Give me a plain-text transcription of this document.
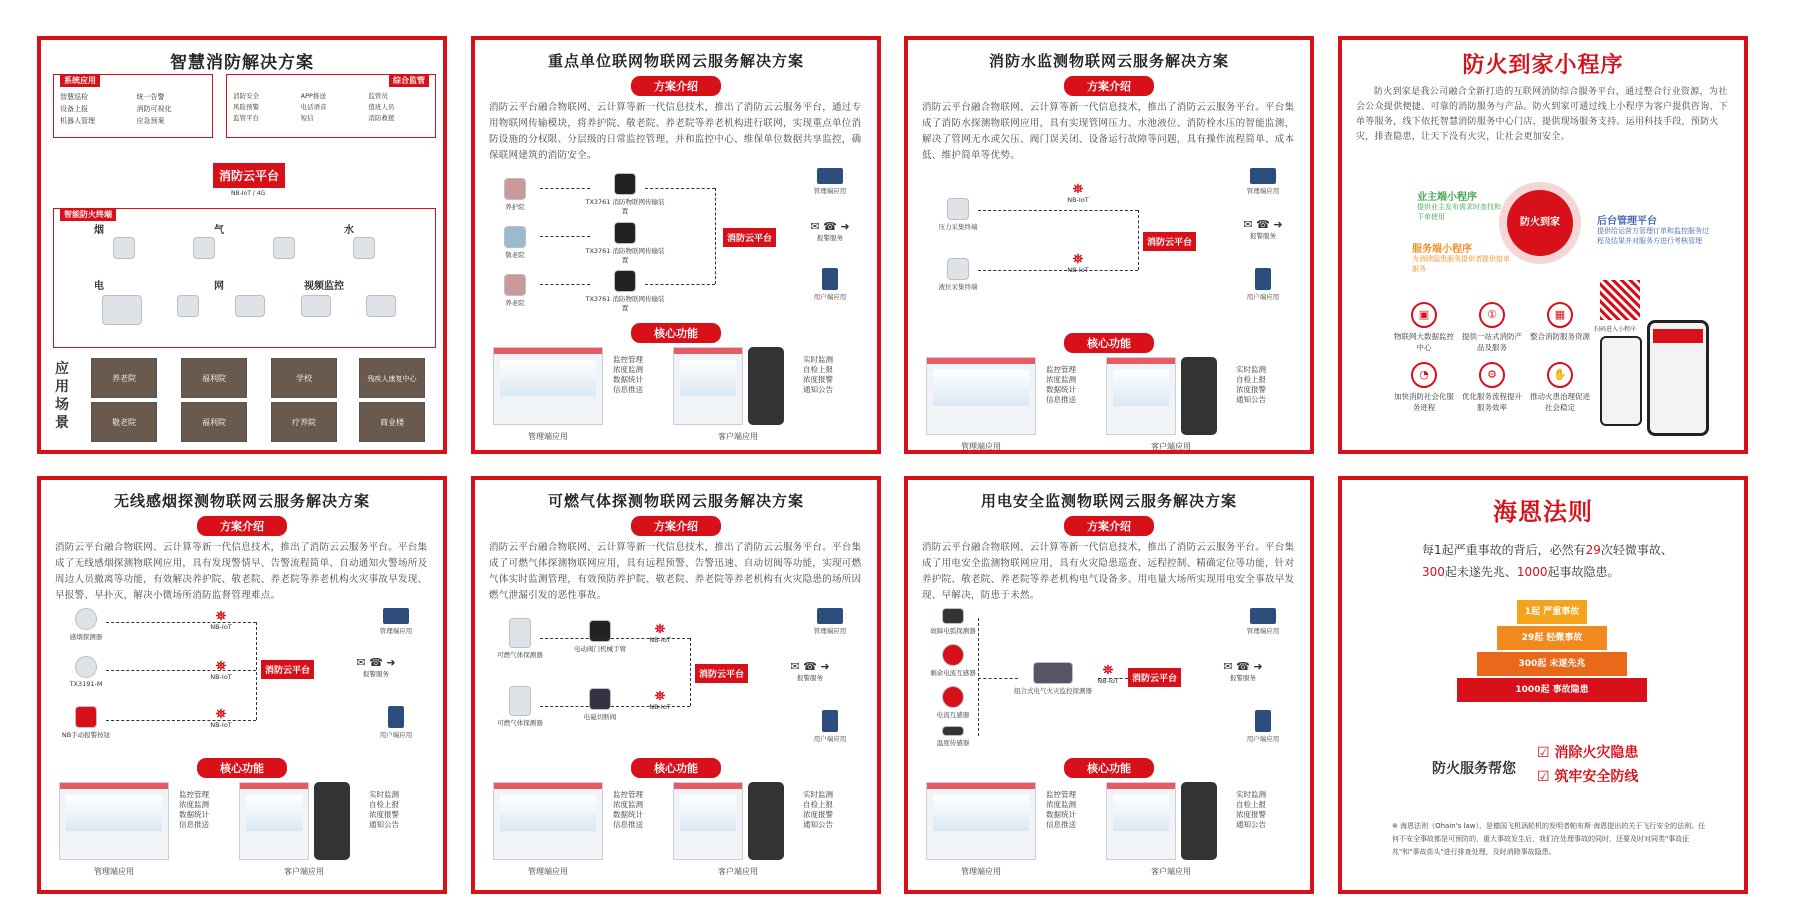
智慧消防解决方案
系统应用
智慧巡检
设备上报
机器人管理
统一告警
消防可视化
应急预案
综合监管
消防安全
风险预警
监管平台
APP推送
电话语音
短信
监管员
值班人员
消防救援
消防云平台
NB-IoT / 4G
智能防火终端
烟	气	水
电	网	视频监控
应用场景
养老院	福利院	学校	残疾人康复中心
敬老院	福利院	疗养院	商业楼
重点单位联网物联网云服务解决方案
方案介绍
消防云平台融合物联网、云计算等新一代信息技术，推出了消防云云服务平台，通过专用物联网传输模块，将养护院、敬老院、养老院等养老机构进行联网，实现重点单位消防设施的分权限、分层级的日常监控管理，并和监控中心、维保单位数据共享监控，确保联网建筑的消防安全。
养护院
敬老院
养老院
TX3761 消防物联网传输装置
TX3761 消防物联网传输装置
TX3761 消防物联网传输装置
消防云平台
管理端应用
✉ ☎ ➜
报警服务
用户端应用
核心功能
监控管理
浓度监测
数据统计
信息推送
实时监测
自检上报
浓度报警
通知公告
管理端应用	客户端应用
消防水监测物联网云服务解决方案
方案介绍
消防云平台融合物联网、云计算等新一代信息技术，推出了消防云云服务平台。平台集成了消防水探测物联网应用，具有实现管网压力、水池液位、消防栓水压的智能监测，解决了管网无水或欠压、阀门误关闭、设备运行故障等问题，具有操作流程简单、成本低、维护简单等优势。
压力采集终端
液位采集终端
⛯
NB-IoT
⛯
NB-IoT
消防云平台
管理端应用
✉ ☎ ➜
报警服务
用户端应用
核心功能
监控管理
浓度监测
数据统计
信息推送
实时监测
自检上报
浓度报警
通知公告
管理端应用	客户端应用
防火到家小程序
防火到家是我公司融合全新打造的互联网消防综合服务平台，通过整合行业资源，为社会公众提供便捷、可靠的消防服务与产品。防火到家可通过线上小程序为客户提供咨询、下单等服务，线下依托智慧消防服务中心门店，提供现场服务支持。运用科技手段，预防火灾，排查隐患，让天下没有火灾，让社会更加安全。
防火到家
业主端小程序
提供业主发布需求时查找和下单使用
服务端小程序
为消除隐患服务提供者提供接单服务
后台管理平台
提供给运营方管理订单和监控服务过程及结果并对服务方进行考核管理
▣
物联网大数据监控中心
①
提供一站式消防产品及服务
▦
整合消防服务资源
◔
加快消防社会化服务进程
⚙
优化服务流程提升服务效率
✋
推动火患治理促进社会稳定
扫码进入小程序
无线感烟探测物联网云服务解决方案
方案介绍
消防云平台融合物联网、云计算等新一代信息技术，推出了消防云云服务平台。平台集成了无线感烟探测物联网应用，具有发现警情早、告警流程简单、自动通知火警场所及周边人员撤离等功能，有效解决养护院、敬老院、养老院等养老机构火灾事故早发现、早报警、早扑灭，解决小微场所消防监督管理难点。
感烟探测器
TX3191-M
NB手动报警按钮
⛯
NB-IoT
⛯
NB-IoT
⛯
NB-IoT
消防云平台
管理端应用
✉ ☎ ➜
报警服务
用户端应用
核心功能
监控管理
浓度监测
数据统计
信息推送
实时监测
自检上报
浓度报警
通知公告
管理端应用	客户端应用
可燃气体探测物联网云服务解决方案
方案介绍
消防云平台融合物联网、云计算等新一代信息技术，推出了消防云云服务平台。平台集成了可燃气体探测物联网应用，具有远程预警、告警迅速、自动切阀等功能，实现可燃气体实时监测管理，有效预防养护院、敬老院、养老院等养老机构有火灾隐患的场所因燃气泄漏引发的恶性事故。
可燃气体探测器
可燃气体探测器
电动阀门机械手臂
电磁切断阀
⛯
NB-IoT
⛯
NB-IoT
消防云平台
管理端应用
✉ ☎ ➜
报警服务
用户端应用
核心功能
监控管理
浓度监测
数据统计
信息推送
实时监测
自检上报
浓度报警
通知公告
管理端应用	客户端应用
用电安全监测物联网云服务解决方案
方案介绍
消防云平台融合物联网、云计算等新一代信息技术，推出了消防云云服务平台。平台集成了用电安全监测物联网应用，具有火灾隐患巡查、远程控制、精确定位等功能，针对养护院、敬老院、养老院等养老机构电气设备多、用电量大场所实现用电安全事故早发现、早解决，防患于未然。
故障电弧探测器
剩余电流互感器
电流互感器
温度传感器
组合式电气火灾监控探测器
⛯
NB-IoT	消防云平台
管理端应用
✉ ☎ ➜
报警服务
用户端应用
核心功能
监控管理
浓度监测
数据统计
信息推送
实时监测
自检上报
浓度报警
通知公告
管理端应用	客户端应用
海恩法则
每1起严重事故的背后，必然有29次轻微事故、
300起未遂先兆、1000起事故隐患。
1起 严重事故
29起 轻微事故
300起 未遂先兆
1000起 事故隐患
防火服务帮您
☑ 消除火灾隐患
☑ 筑牢安全防线
※ 海恩法则（Ohain's law），是德国飞机涡轮机的发明者帕布斯·海恩提出的关于飞行安全的法则。任何不安全事故都是可预防的，重大事故发生后，我们在处理事故的同时，还要及时对同类"事故征兆"和"事故苗头"进行排查处理，及时消除事故隐患。
